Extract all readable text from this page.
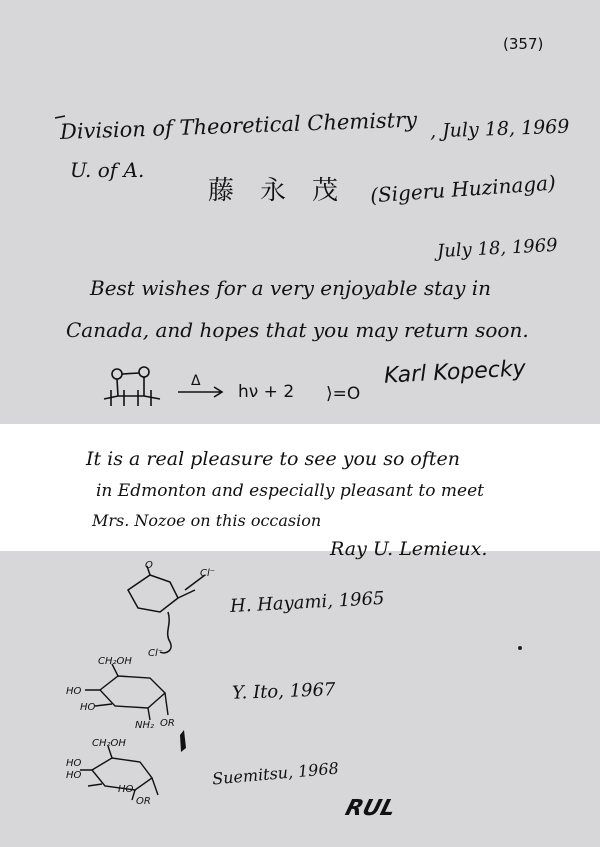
(357)
Division of Theoretical Chemistry , July 18, 1969
U. of A.
藤永茂 (Sigeru Huzinaga)
July 18, 1969
Best wishes for a very enjoyable stay in
Canada, and hopes that you may return soon.
Karl Kopecky
Δ
hν + 2 ⟩=O
It is a real pleasure to see you so often
in Edmonton and especially pleasant to meet
Mrs. Nozoe on this occasion
Ray U. Lemieux.
H. Hayami, 1965
Y. Ito, 1967
Suemitsu, 1968
RUL
O
Cl⁻
Cl⁻
CH₂OH
HO
HO
NH₂ OR
CH₂OH
HO
HO
HO
OR
